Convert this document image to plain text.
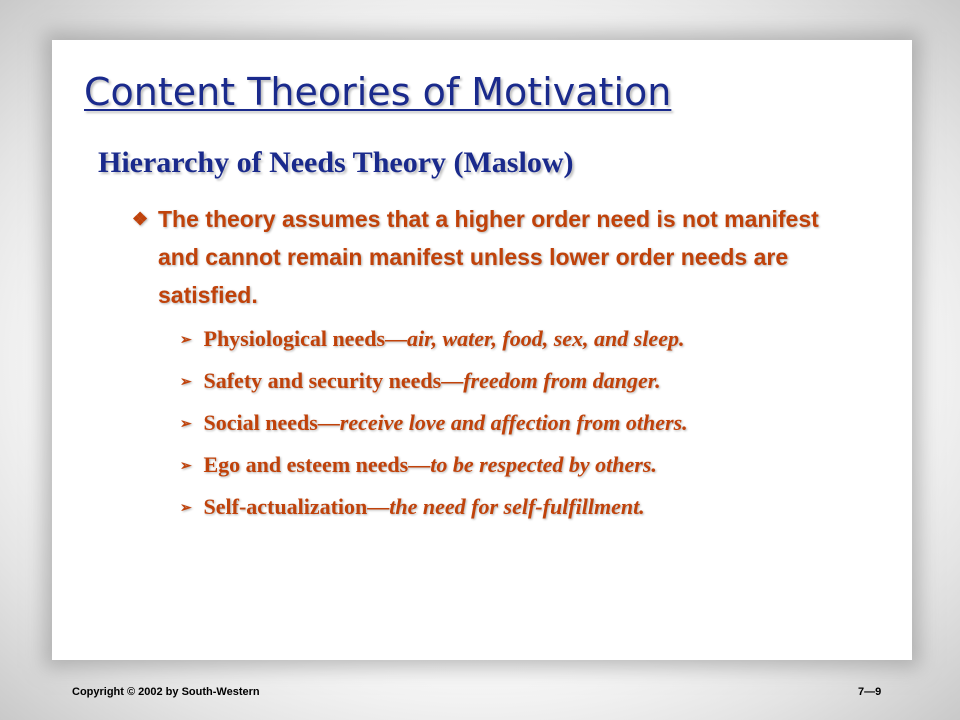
Content Theories of Motivation
Hierarchy of Needs Theory (Maslow)
❖ The theory assumes that a higher order need is not manifest and cannot remain manifest unless lower order needs are satisfied.
➢ Physiological needs—air, water, food, sex, and sleep.
➢ Safety and security needs—freedom from danger.
➢ Social needs—receive love and affection from others.
➢ Ego and esteem needs—to be respected by others.
➢ Self-actualization—the need for self-fulfillment.
Copyright © 2002 by South-Western	7—9
